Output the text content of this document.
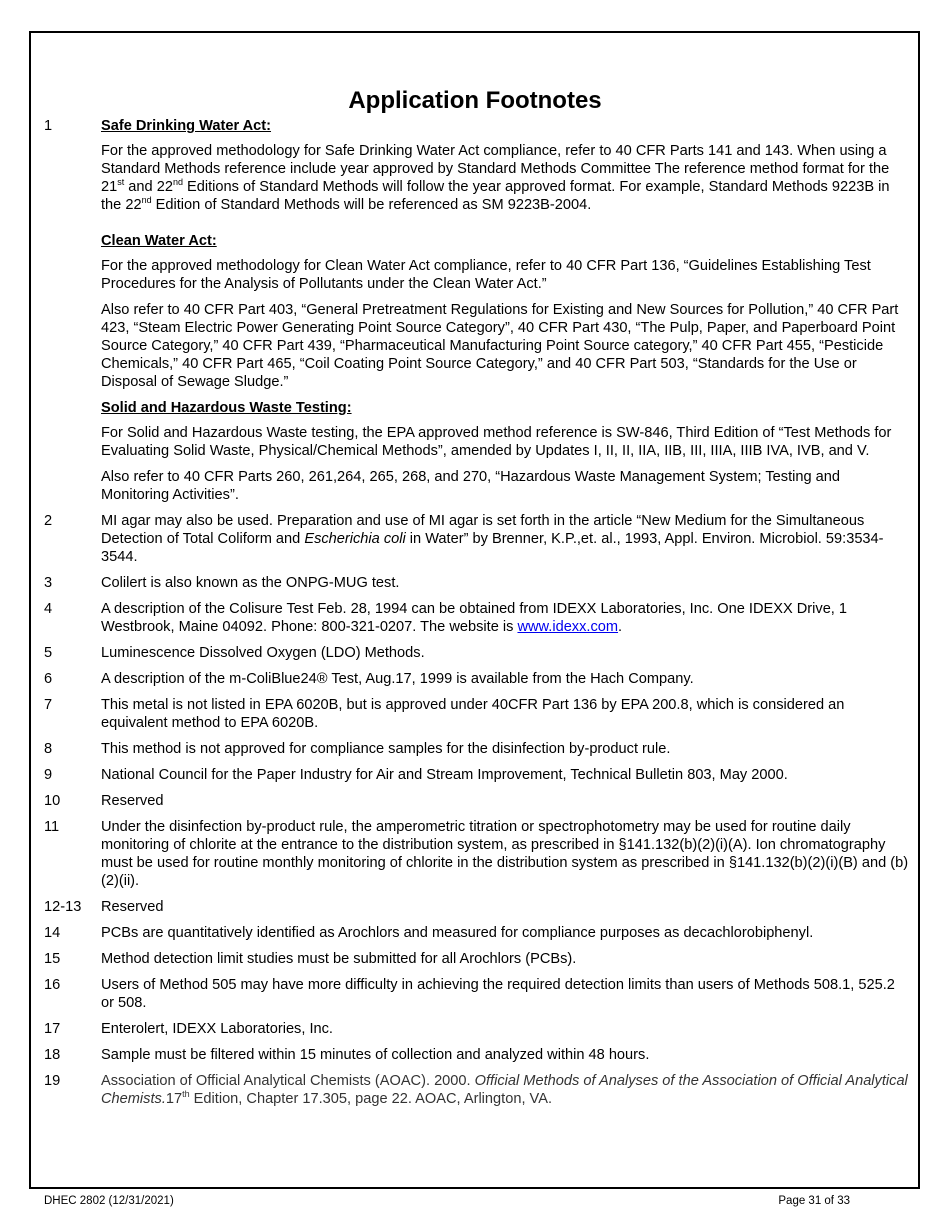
Application Footnotes
1	Safe Drinking Water Act:

For the approved methodology for Safe Drinking Water Act compliance, refer to 40 CFR Parts 141 and 143. When using a Standard Methods reference include year approved by Standard Methods Committee The reference method format for the 21st and 22nd Editions of Standard Methods will follow the year approved format. For example, Standard Methods 9223B in the 22nd Edition of Standard Methods will be referenced as SM 9223B-2004.

Clean Water Act:

For the approved methodology for Clean Water Act compliance, refer to 40 CFR Part 136, “Guidelines Establishing Test Procedures for the Analysis of Pollutants under the Clean Water Act.”

Also refer to 40 CFR Part 403, “General Pretreatment Regulations for Existing and New Sources for Pollution,” 40 CFR Part 423, “Steam Electric Power Generating Point Source Category”, 40 CFR Part 430, “The Pulp, Paper, and Paperboard Point Source Category,” 40 CFR Part 439, “Pharmaceutical Manufacturing Point Source category,” 40 CFR Part 455, “Pesticide Chemicals,” 40 CFR Part 465, “Coil Coating Point Source Category,” and 40 CFR Part 503, “Standards for the Use or Disposal of Sewage Sludge.”

Solid and Hazardous Waste Testing:

For Solid and Hazardous Waste testing, the EPA approved method reference is SW-846, Third Edition of “Test Methods for Evaluating Solid Waste, Physical/Chemical Methods”, amended by Updates I, II, II, IIA, IIB, III, IIIA, IIIB IVA, IVB, and V.

Also refer to 40 CFR Parts 260, 261,264, 265, 268, and 270, “Hazardous Waste Management System; Testing and Monitoring Activities”.

2	MI agar may also be used. Preparation and use of MI agar is set forth in the article “New Medium for the Simultaneous Detection of Total Coliform and Escherichia coli in Water” by Brenner, K.P.,et. al., 1993, Appl. Environ. Microbiol. 59:3534-3544.
3	Colilert is also known as the ONPG-MUG test.
4	A description of the Colisure Test Feb. 28, 1994 can be obtained from IDEXX Laboratories, Inc. One IDEXX Drive, 1 Westbrook, Maine 04092. Phone: 800-321-0207. The website is www.idexx.com.
5	Luminescence Dissolved Oxygen (LDO) Methods.
6	A description of the m-ColiBlue24® Test, Aug.17, 1999 is available from the Hach Company.
7	This metal is not listed in EPA 6020B, but is approved under 40CFR Part 136 by EPA 200.8, which is considered an equivalent method to EPA 6020B.
8	This method is not approved for compliance samples for the disinfection by-product rule.
9	National Council for the Paper Industry for Air and Stream Improvement, Technical Bulletin 803, May 2000.
10	Reserved
11	Under the disinfection by-product rule, the amperometric titration or spectrophotometry may be used for routine daily monitoring of chlorite at the entrance to the distribution system, as prescribed in §141.132(b)(2)(i)(A). Ion chromatography must be used for routine monthly monitoring of chlorite in the distribution system as prescribed in §141.132(b)(2)(i)(B) and (b)(2)(ii).
12-13 Reserved
14	PCBs are quantitatively identified as Arochlors and measured for compliance purposes as decachlorobiphenyl.
15	Method detection limit studies must be submitted for all Arochlors (PCBs).
16	Users of Method 505 may have more difficulty in achieving the required detection limits than users of Methods 508.1, 525.2 or 508.
17	Enterolert, IDEXX Laboratories, Inc.
18	Sample must be filtered within 15 minutes of collection and analyzed within 48 hours.
19	Association of Official Analytical Chemists (AOAC). 2000. Official Methods of Analyses of the Association of Official Analytical Chemists.17th Edition, Chapter 17.305, page 22. AOAC, Arlington, VA.
DHEC 2802 (12/31/2021)	Page 31 of 33
